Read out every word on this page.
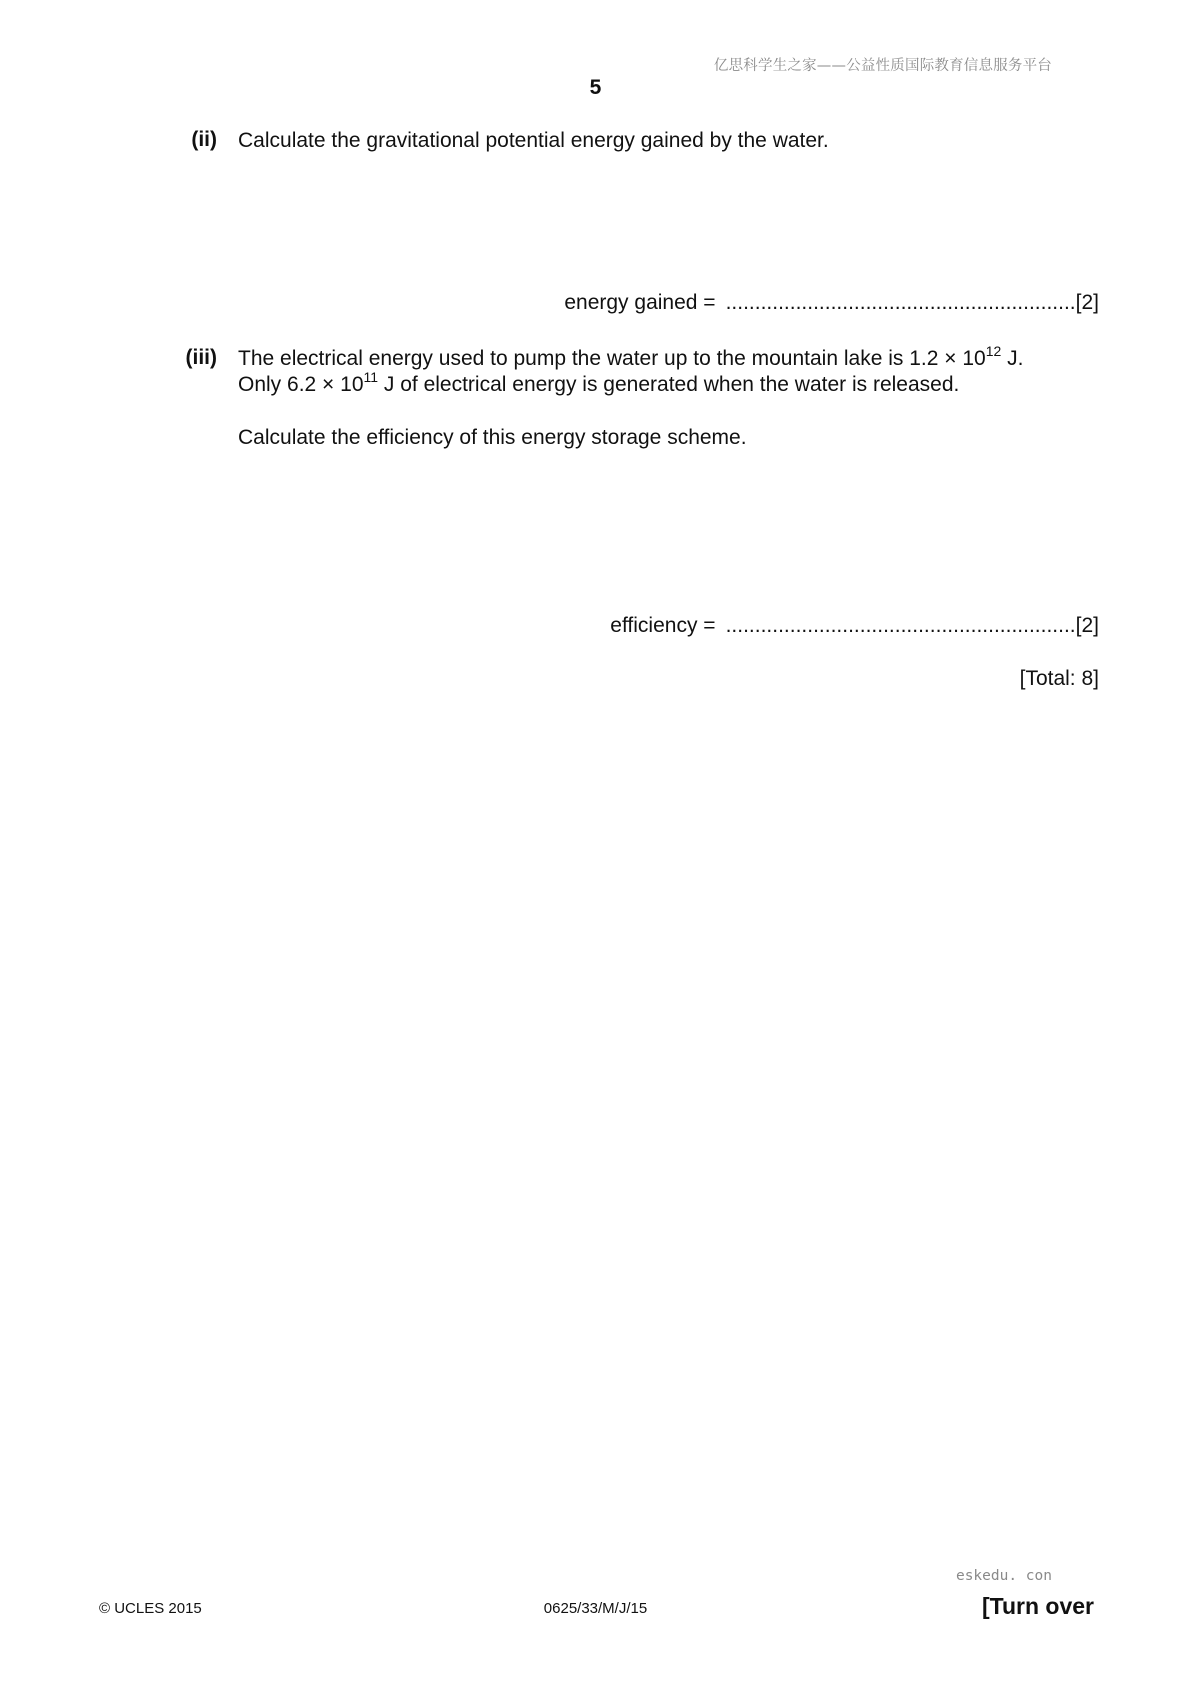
亿思科学生之家——公益性质国际教育信息服务平台
5
(ii) Calculate the gravitational potential energy gained by the water.
energy gained = ............................................................[2]
(iii) The electrical energy used to pump the water up to the mountain lake is $1.2 \times 10^{12}$ J.
Only $6.2 \times 10^{11}$ J of electrical energy is generated when the water is released.
Calculate the efficiency of this energy storage scheme.
efficiency = ............................................................[2]
[Total: 8]
eskedu. con
© UCLES 2015	0625/33/M/J/15	[Turn over
